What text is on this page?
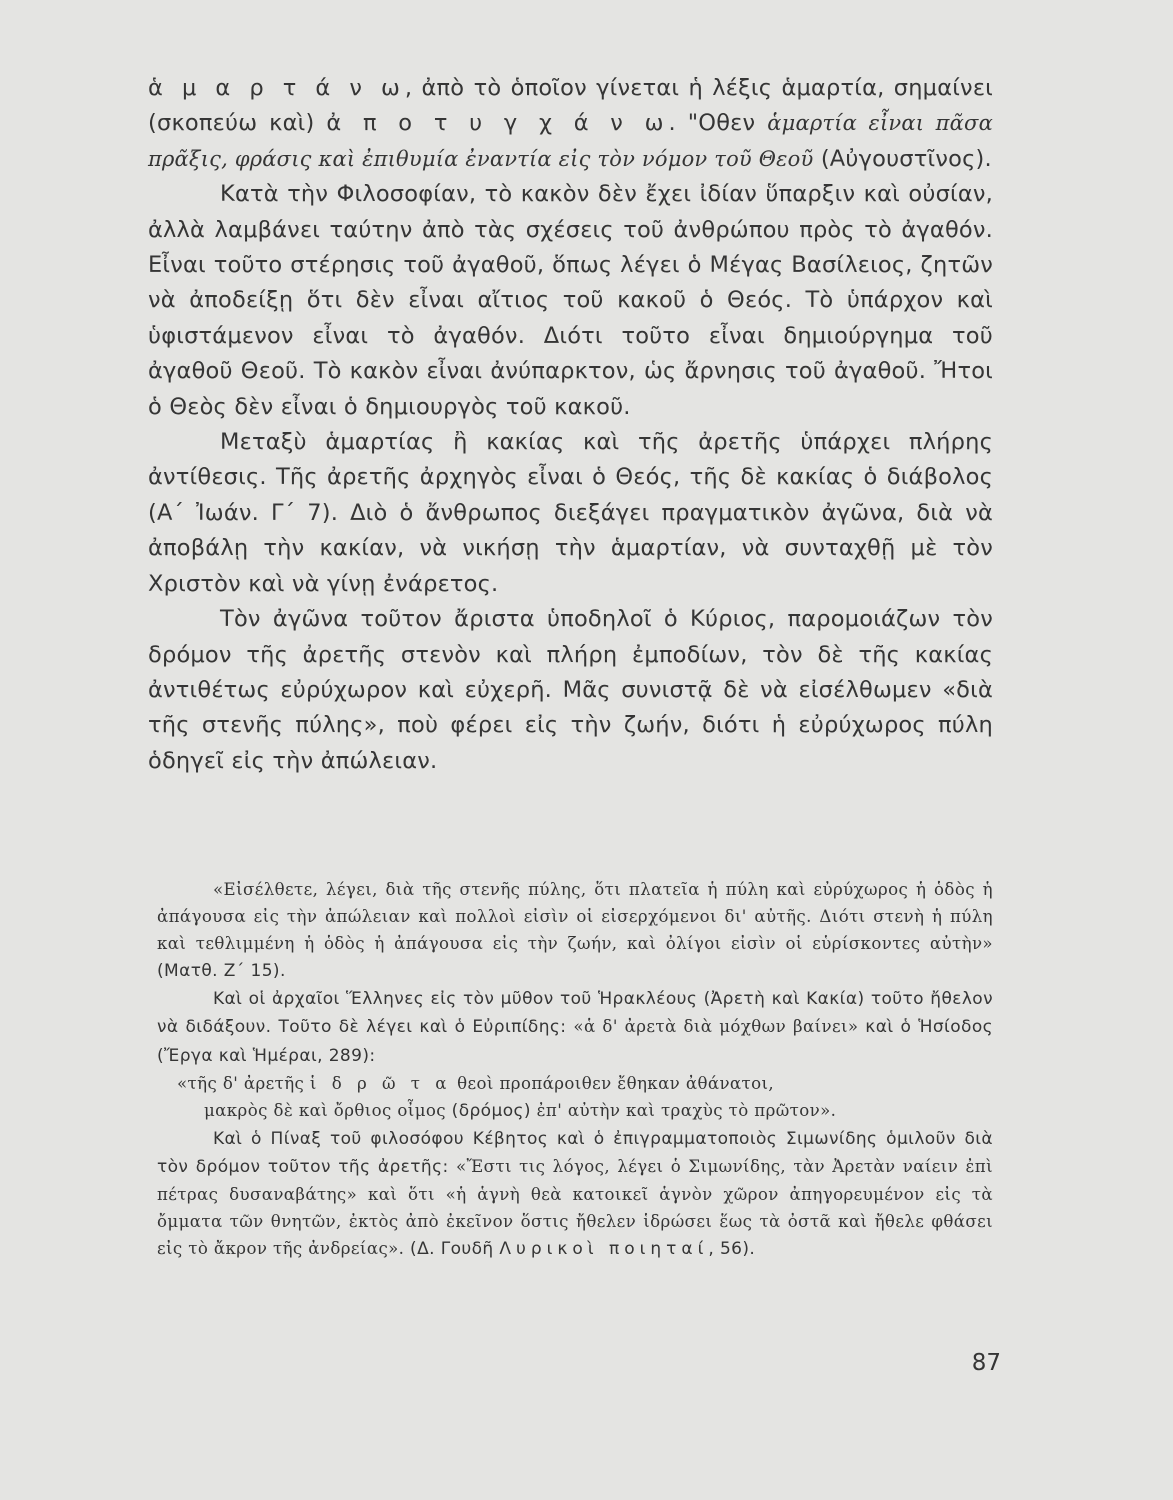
ἁ μ α ρ τ ά ν ω, ἀπὸ τὸ ὁποῖον γίνεται ἡ λέξις ἁμαρτία, σημαίνει (σκοπεύω καὶ) ἀ π ο τ υ γ χ ά ν ω. "Οθεν ἁμαρτία εἶναι πᾶσα πρᾶξις, φράσις καὶ ἐπιθυμία ἐναντία εἰς τὸν νόμον τοῦ Θεοῦ (Αὐγουστῖνος).

Κατὰ τὴν Φιλοσοφίαν, τὸ κακὸν δὲν ἔχει ἰδίαν ὕπαρξιν καὶ οὐσίαν, ἀλλὰ λαμβάνει ταύτην ἀπὸ τὰς σχέσεις τοῦ ἀνθρώπου πρὸς τὸ ἀγαθόν. Εἶναι τοῦτο στέρησις τοῦ ἀγαθοῦ, ὅπως λέγει ὁ Μέγας Βασίλειος, ζητῶν νὰ ἀποδείξῃ ὅτι δὲν εἶναι αἴτιος τοῦ κακοῦ ὁ Θεός. Τὸ ὑπάρχον καὶ ὑφιστάμενον εἶναι τὸ ἀγαθόν. Διότι τοῦτο εἶναι δημιούργημα τοῦ ἀγαθοῦ Θεοῦ. Τὸ κακὸν εἶναι ἀνύπαρκτον, ὡς ἄρνησις τοῦ ἀγαθοῦ. Ἤτοι ὁ Θεὸς δὲν εἶναι ὁ δημιουργὸς τοῦ κακοῦ.

Μεταξὺ ἁμαρτίας ἢ κακίας καὶ τῆς ἀρετῆς ὑπάρχει πλήρης ἀντίθεσις. Τῆς ἀρετῆς ἀρχηγὸς εἶναι ὁ Θεός, τῆς δὲ κακίας ὁ διάβολος (Α΄ Ἰωάν. Γ΄ 7). Διὸ ὁ ἄνθρωπος διεξάγει πραγματικὸν ἀγῶνα, διὰ νὰ ἀποβάλῃ τὴν κακίαν, νὰ νικήσῃ τὴν ἁμαρτίαν, νὰ συνταχθῇ μὲ τὸν Χριστὸν καὶ νὰ γίνῃ ἐνάρετος.

Τὸν ἀγῶνα τοῦτον ἄριστα ὑποδηλοῖ ὁ Κύριος, παρομοιάζων τὸν δρόμον τῆς ἀρετῆς στενὸν καὶ πλήρη ἐμποδίων, τὸν δὲ τῆς κακίας ἀντιθέτως εὐρύχωρον καὶ εὐχερῆ. Μᾶς συνιστᾷ δὲ νὰ εἰσέλθωμεν «διὰ τῆς στενῆς πύλης», ποὺ φέρει εἰς τὴν ζωήν, διότι ἡ εὐρύχωρος πύλη ὁδηγεῖ εἰς τὴν ἀπώλειαν.

«Εἰσέλθετε, λέγει, διὰ τῆς στενῆς πύλης, ὅτι πλατεῖα ἡ πύλη καὶ εὐρύχωρος ἡ ὁδὸς ἡ ἀπάγουσα εἰς τὴν ἀπώλειαν καὶ πολλοὶ εἰσὶν οἱ εἰσερχόμενοι δι' αὐτῆς. Διότι στενὴ ἡ πύλη καὶ τεθλιμμένη ἡ ὁδὸς ἡ ἀπάγουσα εἰς τὴν ζωήν, καὶ ὀλίγοι εἰσὶν οἱ εὑρίσκοντες αὐτὴν» (Ματθ. Ζ΄ 15).

Καὶ οἱ ἀρχαῖοι Ἕλληνες εἰς τὸν μῦθον τοῦ Ἡρακλέους (Ἀρετὴ καὶ Κακία) τοῦτο ἤθελον νὰ διδάξουν. Τοῦτο δὲ λέγει καὶ ὁ Εὐριπίδης: «ἁ δ' ἀρετὰ διὰ μόχθων βαίνει» καὶ ὁ Ἡσίοδος (Ἔργα καὶ Ἡμέραι, 289):

«τῆς δ' ἀρετῆς ἱ δ ρ ῶ τ α θεοὶ προπάροιθεν ἔθηκαν ἀθάνατοι,

μακρὸς δὲ καὶ ὄρθιος οἶμος (δρόμος) ἐπ' αὐτὴν καὶ τραχὺς τὸ πρῶτον».

Καὶ ὁ Πίναξ τοῦ φιλοσόφου Κέβητος καὶ ὁ ἐπιγραμματοποιὸς Σιμωνίδης ὁμιλοῦν διὰ τὸν δρόμον τοῦτον τῆς ἀρετῆς: «Ἔστι τις λόγος, λέγει ὁ Σιμωνίδης, τὰν Ἀρετὰν ναίειν ἐπὶ πέτρας δυσαναβάτης» καὶ ὅτι «ἡ ἁγνὴ θεὰ κατοικεῖ ἁγνὸν χῶρον ἀπηγορευμένον εἰς τὰ ὄμματα τῶν θνητῶν, ἐκτὸς ἀπὸ ἐκεῖνον ὅστις ἤθελεν ἱδρώσει ἕως τὰ ὀστᾶ καὶ ἤθελε φθάσει εἰς τὸ ἄκρον τῆς ἀνδρείας». (Δ. Γουδῆ Λυρικοὶ ποιηταί, 56).

87
